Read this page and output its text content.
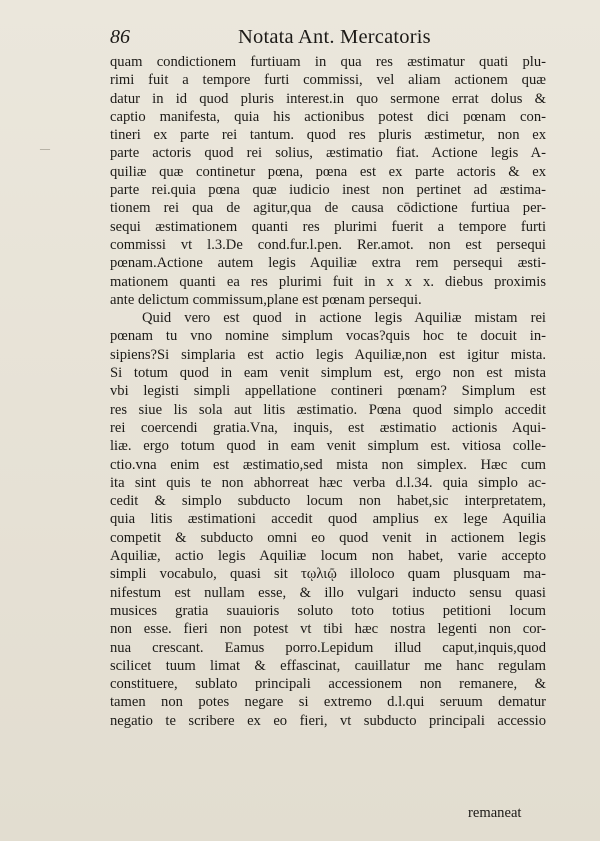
86	Notata Ant. Mercatoris
quam condictionem furtiuam in qua res æstimatur quati plu-
rimi fuit a tempore furti commissi, vel aliam actionem quæ
datur in id quod pluris interest.in quo sermone errat dolus &
captio manifesta, quia his actionibus potest dici pœnam con-
tineri ex parte rei tantum. quod res pluris æstimetur, non ex
parte actoris quod rei solius, æstimatio fiat. Actione legis A-
quiliæ quæ continetur pœna, pœna est ex parte actoris & ex
parte rei.quia pœna quæ iudicio inest non pertinet ad æstima-
tionem rei qua de agitur,qua de causa cōdictione furtiua per-
sequi æstimationem quanti res plurimi fuerit a tempore furti
commissi vt l.3.De cond.fur.l.pen. Rer.amot. non est persequi
pœnam.Actione autem legis Aquiliæ extra rem persequi æsti-
mationem quanti ea res plurimi fuit in x x x. diebus proximis
ante delictum commissum,plane est pœnam persequi.
Quid vero est quod in actione legis Aquiliæ mistam rei
pœnam tu vno nomine simplum vocas?quis hoc te docuit in-
sipiens?Si simplaria est actio legis Aquiliæ,non est igitur mista.
Si totum quod in eam venit simplum est, ergo non est mista
vbi legisti simpli appellatione contineri pœnam? Simplum est
res siue lis sola aut litis æstimatio. Pœna quod simplo accedit
rei coercendi gratia.Vna, inquis, est æstimatio actionis Aqui-
liæ. ergo totum quod in eam venit simplum est. vitiosa colle-
ctio.vna enim est æstimatio,sed mista non simplex. Hæc cum
ita sint quis te non abhorreat hæc verba d.l.34. quia simplo ac-
cedit & simplo subducto locum non habet,sic interpretatem,
quia litis æstimationi accedit quod amplius ex lege Aquilia
competit & subducto omni eo quod venit in actionem legis
Aquiliæ, actio legis Aquiliæ locum non habet, varie accepto
simpli vocabulo, quasi sit τῳλιῷ illoloco quam plusquam ma-
nifestum est nullam esse, & illo vulgari inducto sensu quasi
musices gratia suauioris soluto toto totius petitioni locum
non esse. fieri non potest vt tibi hæc nostra legenti non cor-
nua crescant. Eamus porro.Lepidum illud caput,inquis,quod
scilicet tuum limat & effascinat, cauillatur me hanc regulam
constituere, sublato principali accessionem non remanere, &
tamen non potes negare si extremo d.l.qui seruum dematur
negatio te scribere ex eo fieri, vt subducto principali accessio
remaneat
—
